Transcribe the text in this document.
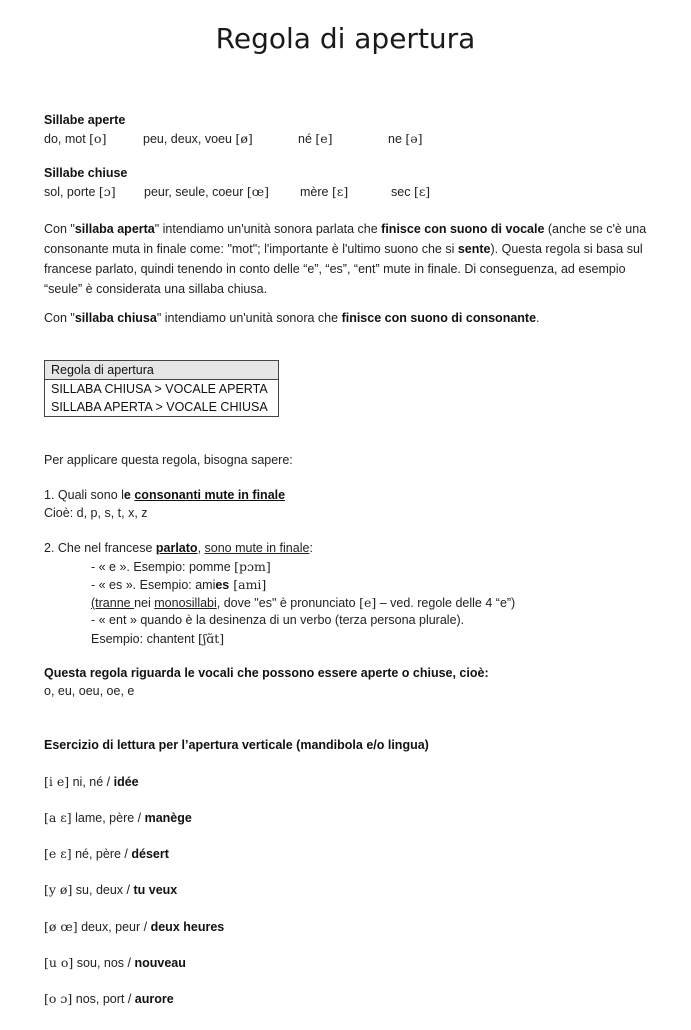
Regola di apertura
Sillabe aperte
do, mot [o]	peu, deux, voeu [ø]	né [e]	ne [ə]
Sillabe chiuse
sol, porte [ɔ] peur, seule, coeur [œ] mère [ɛ]	sec [ɛ]
Con "sillaba aperta" intendiamo un'unità sonora parlata che finisce con suono di vocale (anche se c'è una consonante muta in finale come: "mot"; l'importante è l'ultimo suono che si sente). Questa regola si basa sul francese parlato, quindi tenendo in conto delle “e”, “es”, “ent” mute in finale. Di conseguenza, ad esempio “seule” è considerata una sillaba chiusa.
Con "sillaba chiusa" intendiamo un'unità sonora che finisce con suono di consonante.
Regola di apertura
SILLABA CHIUSA > VOCALE APERTA
SILLABA APERTA > VOCALE CHIUSA
Per applicare questa regola, bisogna sapere:
1. Quali sono le consonanti mute in finale
Cioè: d, p, s, t, x, z
2. Che nel francese parlato, sono mute in finale:
- « e ». Esempio: pomme [pɔm]
- « es ». Esempio: amies [ami]
(tranne nei monosillabi, dove "es" è pronunciato [e] – ved. regole delle 4 “e”)
- « ent » quando è la desinenza di un verbo (terza persona plurale).
Esempio: chantent [ʃɑ̃t]
Questa regola riguarda le vocali che possono essere aperte o chiuse, cioè:
o, eu, oeu, oe, e
Esercizio di lettura per l’apertura verticale (mandibola e/o lingua)
[i e] ni, né / idée
[a ɛ] lame, père / manège
[e ɛ] né, père / désert
[y ø] su, deux / tu veux
[ø œ] deux, peur / deux heures
[u o] sou, nos / nouveau
[o ɔ] nos, port / aurore
